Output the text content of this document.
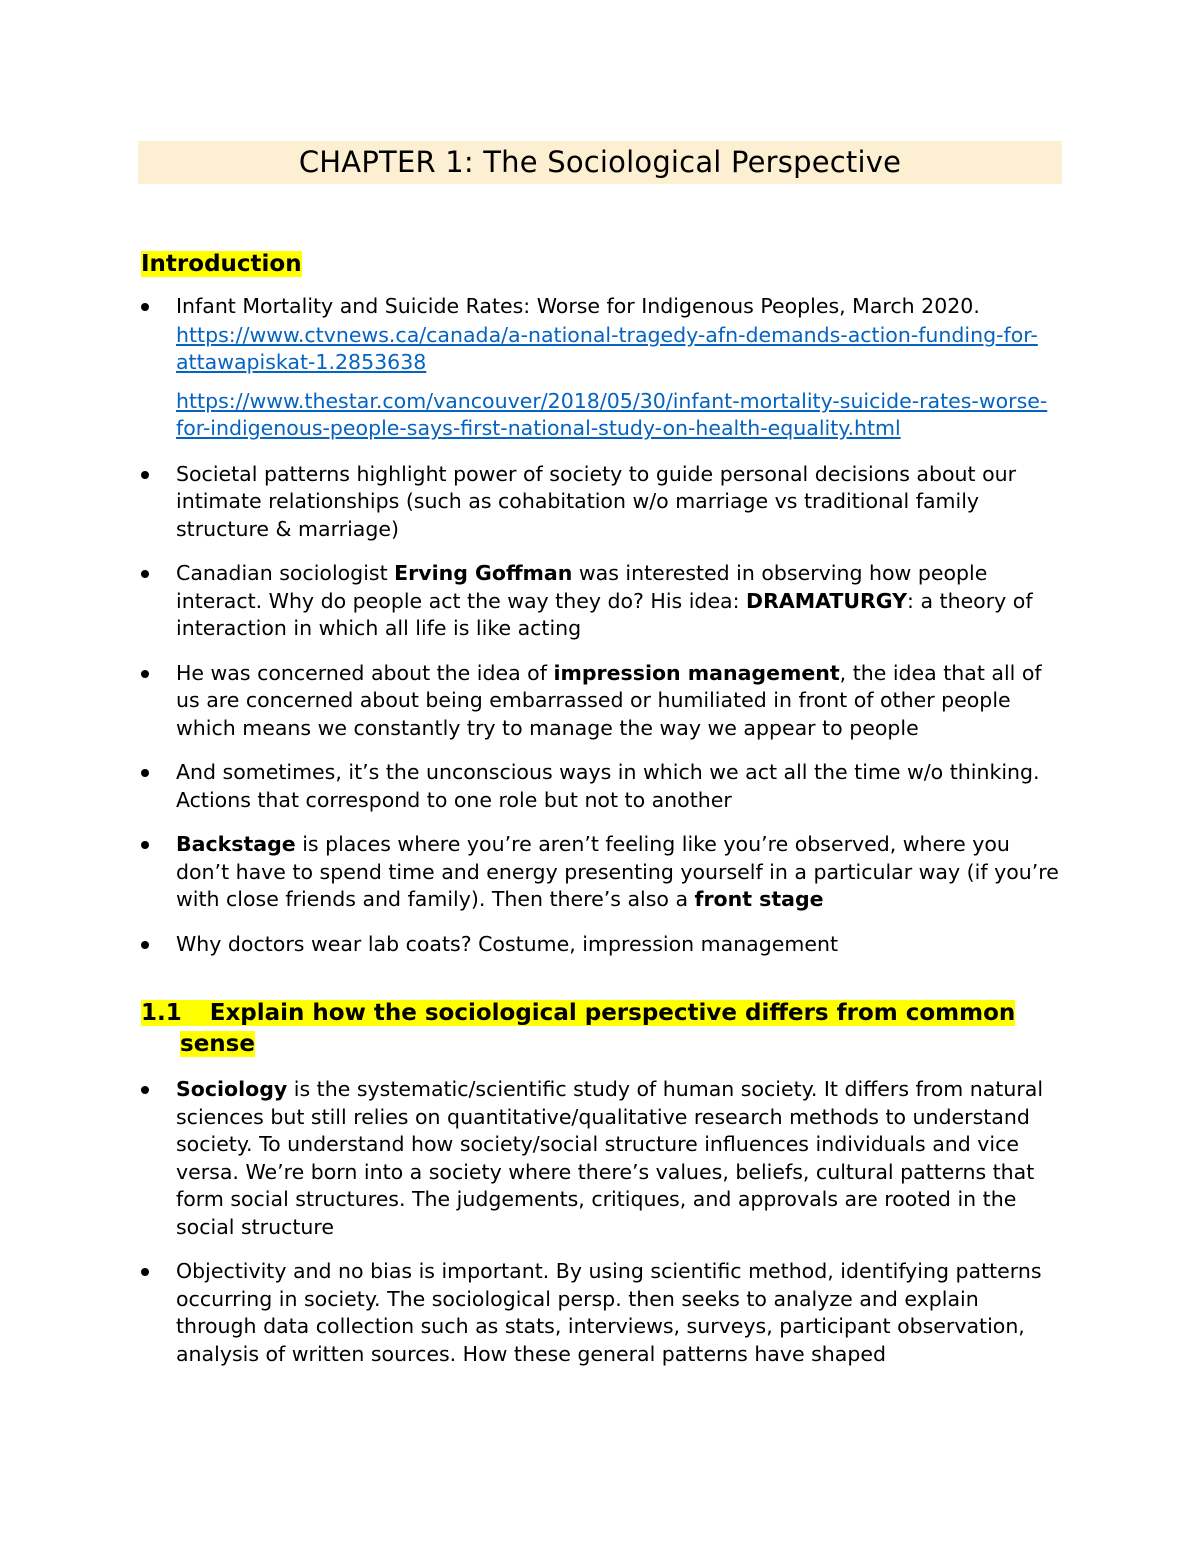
CHAPTER 1: The Sociological Perspective
Introduction
Infant Mortality and Suicide Rates: Worse for Indigenous Peoples, March 2020.
https://www.ctvnews.ca/canada/a-national-tragedy-afn-demands-action-funding-for-attawapiskat-1.2853638
https://www.thestar.com/vancouver/2018/05/30/infant-mortality-suicide-rates-worse-for-indigenous-people-says-first-national-study-on-health-equality.html
Societal patterns highlight power of society to guide personal decisions about our intimate relationships (such as cohabitation w/o marriage vs traditional family structure & marriage)
Canadian sociologist Erving Goffman was interested in observing how people interact. Why do people act the way they do? His idea: DRAMATURGY: a theory of interaction in which all life is like acting
He was concerned about the idea of impression management, the idea that all of us are concerned about being embarrassed or humiliated in front of other people which means we constantly try to manage the way we appear to people
And sometimes, it’s the unconscious ways in which we act all the time w/o thinking. Actions that correspond to one role but not to another
Backstage is places where you’re aren’t feeling like you’re observed, where you don’t have to spend time and energy presenting yourself in a particular way (if you’re with close friends and family). Then there’s also a front stage
Why doctors wear lab coats? Costume, impression management
1.1 Explain how the sociological perspective differs from common
sense
Sociology is the systematic/scientific study of human society. It differs from natural sciences but still relies on quantitative/qualitative research methods to understand society. To understand how society/social structure influences individuals and vice versa. We’re born into a society where there’s values, beliefs, cultural patterns that form social structures. The judgements, critiques, and approvals are rooted in the social structure
Objectivity and no bias is important. By using scientific method, identifying patterns occurring in society. The sociological persp. then seeks to analyze and explain through data collection such as stats, interviews, surveys, participant observation, analysis of written sources. How these general patterns have shaped
